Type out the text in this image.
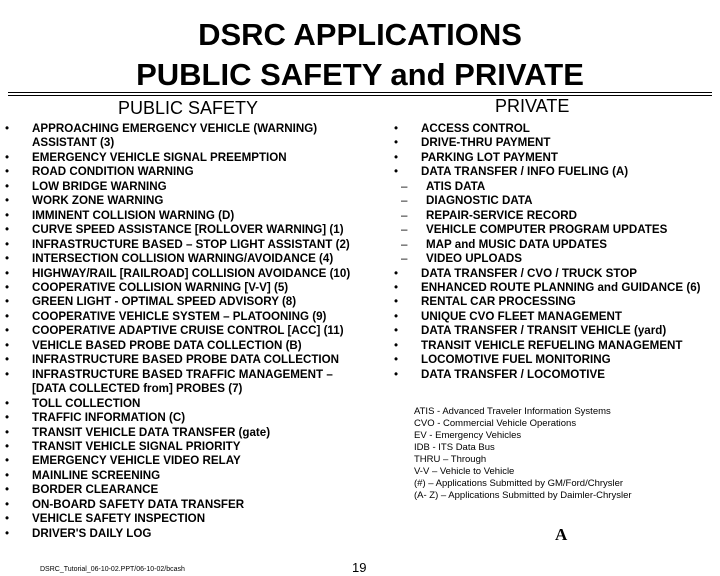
DSRC APPLICATIONS
PUBLIC SAFETY and PRIVATE
PUBLIC SAFETY	PRIVATE
• APPROACHING EMERGENCY VEHICLE (WARNING)
ASSISTANT (3)
• EMERGENCY VEHICLE SIGNAL PREEMPTION
• ROAD CONDITION WARNING
• LOW BRIDGE WARNING
• WORK ZONE WARNING
• IMMINENT COLLISION WARNING (D)
• CURVE SPEED ASSISTANCE [ROLLOVER WARNING] (1)
• INFRASTRUCTURE BASED – STOP LIGHT ASSISTANT (2)
• INTERSECTION COLLISION WARNING/AVOIDANCE (4)
• HIGHWAY/RAIL [RAILROAD] COLLISION AVOIDANCE (10)
• COOPERATIVE COLLISION WARNING [V-V] (5)
• GREEN LIGHT - OPTIMAL SPEED ADVISORY (8)
• COOPERATIVE VEHICLE SYSTEM – PLATOONING (9)
• COOPERATIVE ADAPTIVE CRUISE CONTROL [ACC] (11)
• VEHICLE BASED PROBE DATA COLLECTION (B)
• INFRASTRUCTURE BASED PROBE DATA COLLECTION
• INFRASTRUCTURE BASED TRAFFIC MANAGEMENT –
[DATA COLLECTED from] PROBES (7)
• TOLL COLLECTION
• TRAFFIC INFORMATION (C)
• TRANSIT VEHICLE DATA TRANSFER (gate)
• TRANSIT VEHICLE SIGNAL PRIORITY
• EMERGENCY VEHICLE VIDEO RELAY
• MAINLINE SCREENING
• BORDER CLEARANCE
• ON-BOARD SAFETY DATA TRANSFER
• VEHICLE SAFETY INSPECTION
• DRIVER'S DAILY LOG
• ACCESS CONTROL
• DRIVE-THRU PAYMENT
• PARKING LOT PAYMENT
• DATA TRANSFER / INFO FUELING (A)
– ATIS DATA
– DIAGNOSTIC DATA
– REPAIR-SERVICE RECORD
– VEHICLE COMPUTER PROGRAM UPDATES
– MAP and MUSIC DATA UPDATES
– VIDEO UPLOADS
• DATA TRANSFER / CVO / TRUCK STOP
• ENHANCED ROUTE PLANNING and GUIDANCE (6)
• RENTAL CAR PROCESSING
• UNIQUE CVO FLEET MANAGEMENT
• DATA TRANSFER / TRANSIT VEHICLE (yard)
• TRANSIT VEHICLE REFUELING MANAGEMENT
• LOCOMOTIVE FUEL MONITORING
• DATA TRANSFER / LOCOMOTIVE
ATIS - Advanced Traveler Information Systems
CVO - Commercial Vehicle Operations
EV - Emergency Vehicles
IDB - ITS Data Bus
THRU – Through
V-V – Vehicle to Vehicle
(#) – Applications Submitted by GM/Ford/Chrysler
(A- Z) – Applications Submitted by Daimler-Chrysler
A
DSRC_Tutorial_06-10-02.PPT/06-10-02/bcash	19
